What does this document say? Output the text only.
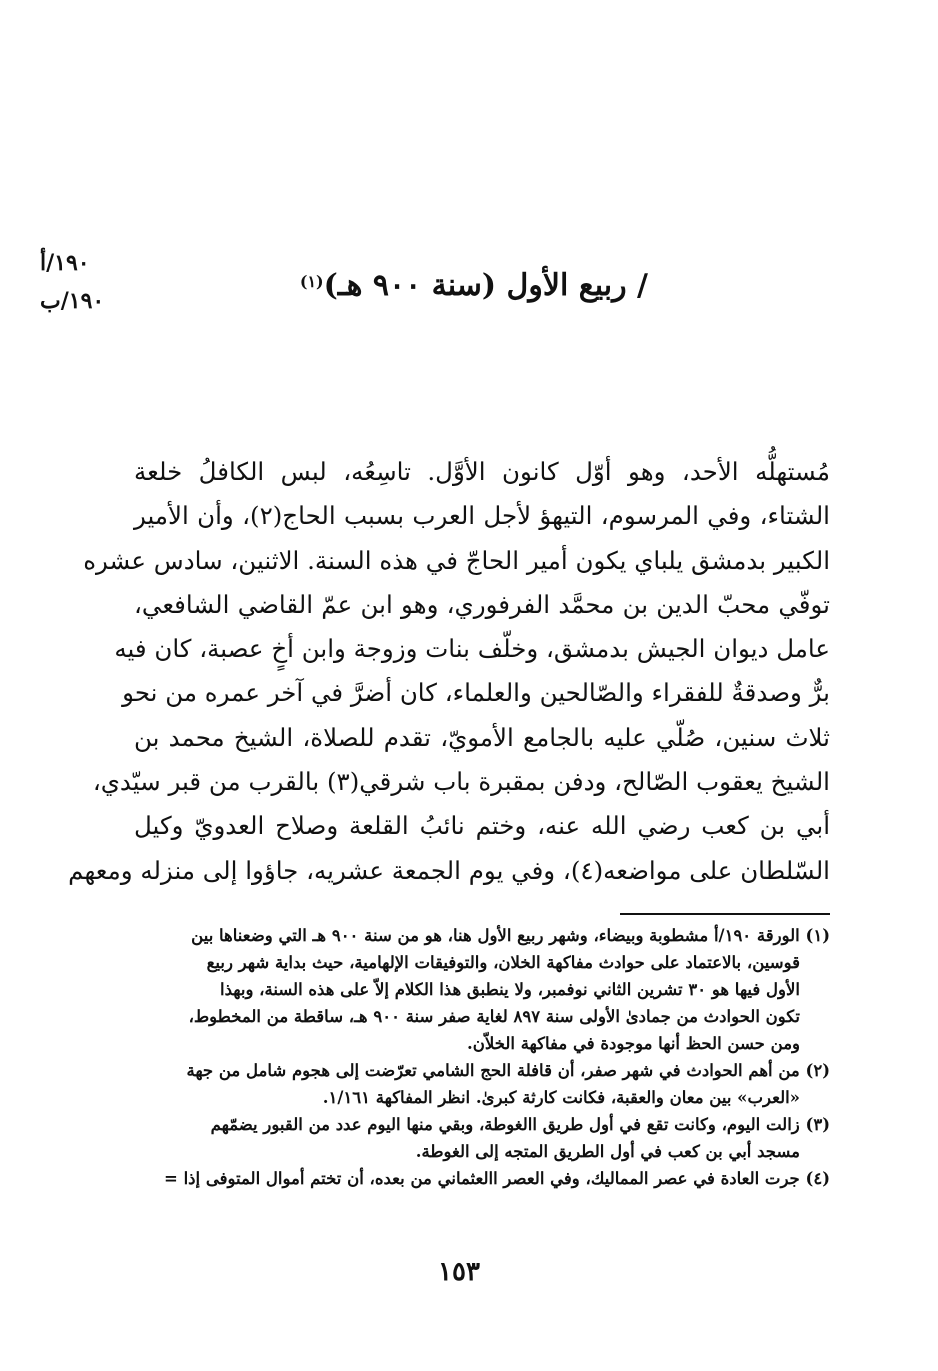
١٩٠/أ
١٩٠/ب	/ ربيع الأول (سنة ٩٠٠ هـ)$^{(١)}$
مُستهلُّه الأحد، وهو أوّل كانون الأوَّل. تاسِعُه، لبس الكافلُ خلعة
الشتاء، وفي المرسوم، التيهؤ لأجل العرب بسبب الحاج(٢)، وأن الأمير
الكبير بدمشق يلباي يكون أمير الحاجّ في هذه السنة. الاثنين، سادس عشره
توفّي محبّ الدين بن محمَّد الفرفوري، وهو ابن عمّ القاضي الشافعي،
عامل ديوان الجيش بدمشق، وخلّف بنات وزوجة وابن أخٍ عصبة، كان فيه
برٌّ وصدقةٌ للفقراء والصّالحين والعلماء، كان أضرَّ في آخر عمره من نحو
ثلاث سنين، صُلّي عليه بالجامع الأمويّ، تقدم للصلاة، الشيخ محمد بن
الشيخ يعقوب الصّالح، ودفن بمقبرة باب شرقي(٣) بالقرب من قبر سيّدي،
أبي بن كعب رضي الله عنه، وختم نائبُ القلعة وصلاح العدويّ وكيل
السّلطان على مواضعه(٤)، وفي يوم الجمعة عشريه، جاؤوا إلى منزله ومعهم
(١) الورقة ١٩٠/أ مشطوبة وبيضاء، وشهر ربيع الأول هنا، هو من سنة ٩٠٠ هـ التي وضعناها بين
قوسين، بالاعتماد على حوادث مفاكهة الخلان، والتوفيقات الإلهامية، حيث بداية شهر ربيع
الأول فيها هو ٣٠ تشرين الثاني نوفمبر، ولا ينطبق هذا الكلام إلاّ على هذه السنة، وبهذا
تكون الحوادث من جمادىٰ الأولى سنة ٨٩٧ لغاية صفر سنة ٩٠٠ هـ، ساقطة من المخطوط،
ومن حسن الحظ أنها موجودة في مفاكهة الخلاّن.
(٢) من أهم الحوادث في شهر صفر، أن قافلة الحج الشامي تعرّضت إلى هجوم شامل من جهة
«العرب» بين معان والعقبة، فكانت كارثة كبرىٰ. انظر المفاكهة ١/١٦١.
(٣) زالت اليوم، وكانت تقع في أول طريق االغوطة، وبقي منها اليوم عدد من القبور يضمّهم
مسجد أبي بن كعب في أول الطريق المتجه إلى الغوطة.
(٤) جرت العادة في عصر المماليك، وفي العصر االعثماني من بعده، أن تختم أموال المتوفى إذا =
١٥٣
